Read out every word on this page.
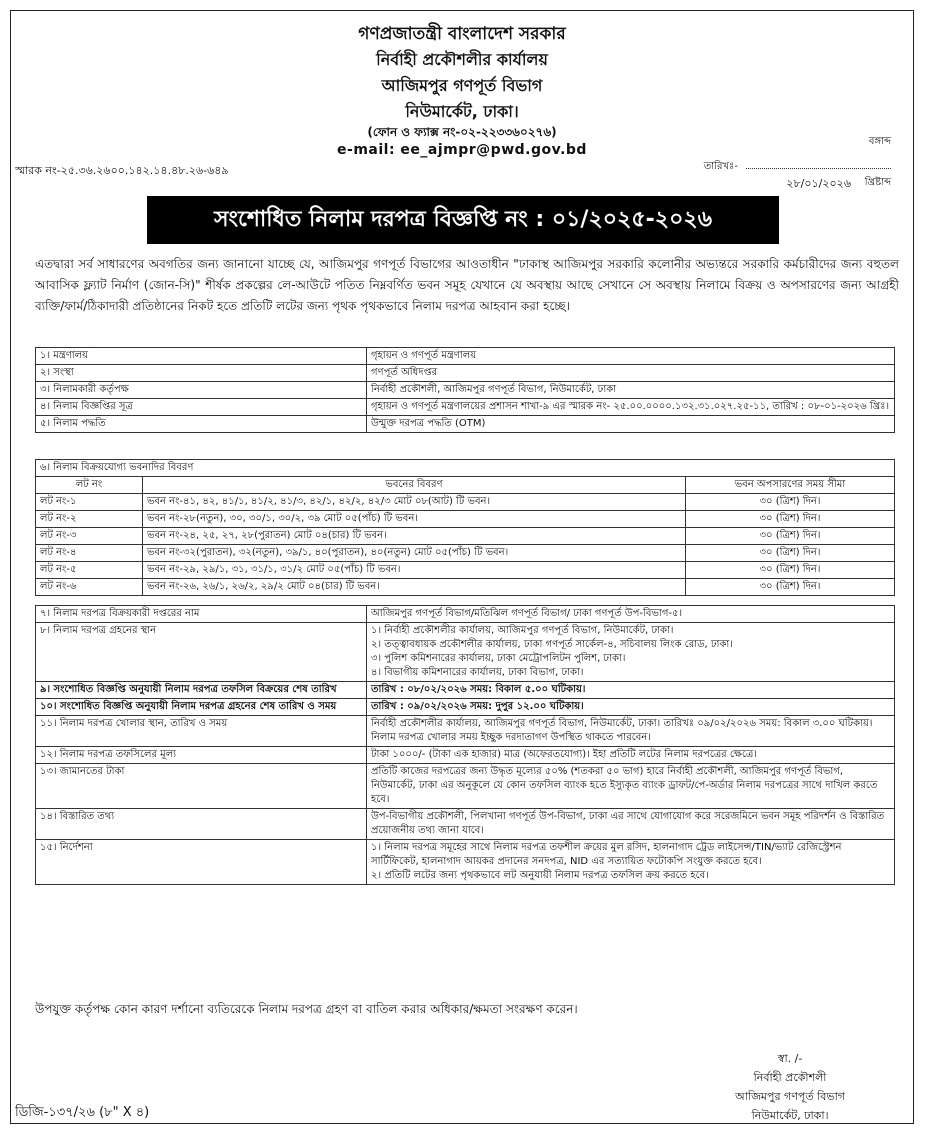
গণপ্রজাতন্ত্রী বাংলাদেশ সরকার
নির্বাহী প্রকৌশলীর কার্যালয়
আজিমপুর গণপূর্ত বিভাগ
নিউমার্কেট, ঢাকা।
(ফোন ও ফ্যাক্স নং-০২-২২৩৩৬০২৭৬)
e-mail: ee_ajmpr@pwd.gov.bd
স্মারক নং-২৫.৩৬.২৬০০.১৪২.১৪.৪৮.২৬-৬৪৯
বঙ্গাব্দ
তারিখঃ-
২৮/০১/২০২৬ খ্রিষ্টাব্দ
সংশোধিত নিলাম দরপত্র বিজ্ঞপ্তি নং : ০১/২০২৫-২০২৬
এতদ্বারা সর্ব সাধারণের অবগতির জন্য জানানো যাচ্ছে যে, আজিমপুর গণপূর্ত বিভাগের আওতাধীন "ঢাকাস্থ আজিমপুর সরকারি কলোনীর অভ্যন্তরে সরকারি কর্মচারীদের জন্য বহুতল আবাসিক ফ্ল্যাট নির্মাণ (জোন-সি)" শীর্ষক প্রকল্পের লে-আউটে পতিত নিম্নবর্ণিত ভবন সমূহ যেখানে যে অবস্থায় আছে সেখানে সে অবস্থায় নিলামে বিক্রয় ও অপসারণের জন্য আগ্রহী ব্যক্তি/ফার্ম/ঠিকাদারী প্রতিষ্ঠানের নিকট হতে প্রতিটি লটের জন্য পৃথক পৃথকভাবে নিলাম দরপত্র আহবান করা হচ্ছে।
১। মন্ত্রণালয়	গৃহায়ন ও গণপূর্ত মন্ত্রণালয়
২। সংস্থা	গণপূর্ত অধিদপ্তর
৩। নিলামকারী কর্তৃপক্ষ	নির্বাহী প্রকৌশলী, আজিমপুর গণপূর্ত বিভাগ, নিউমার্কেট, ঢাকা
৪। নিলাম বিজ্ঞপ্তির সূত্র	গৃহায়ন ও গণপূর্ত মন্ত্রণালয়ের প্রশাসন শাখা-৯ এর স্মারক নং- ২৫.০০.০০০০.১৩২.৩১.০২৭.২৫-১১, তারিখ : ০৮-০১-২০২৬ খ্রিঃ।
৫। নিলাম পদ্ধতি	উন্মুক্ত দরপত্র পদ্ধতি (OTM)
৬। নিলাম বিক্রয়যোগ্য ভবনাদির বিবরণ		
লট নং	ভবনের বিবরণ	ভবন অপসারণের সময় সীমা
লট নং-১	ভবন নং-৪১, ৪২, ৪১/১, ৪১/২, ৪১/৩, ৪২/১, ৪২/২, ৪২/৩ মোট ০৮(আট) টি ভবন।	৩০ (ত্রিশ) দিন।
লট নং-২	ভবন নং-২৮(নতুন), ৩০, ৩০/১, ৩০/২, ৩৯ মোট ০৫(পাঁচ) টি ভবন।	৩০ (ত্রিশ) দিন।
লট নং-৩	ভবন নং-২৪, ২৫, ২৭, ২৮(পুরাতন) মোট ০৪(চার) টি ভবন।	৩০ (ত্রিশ) দিন।
লট নং-৪	ভবন নং-৩২(পুরাতন), ৩২(নতুন), ৩৯/১, ৪০(পুরাতন), ৪০(নতুন) মোট ০৫(পাঁচ) টি ভবন।	৩০ (ত্রিশ) দিন।
লট নং-৫	ভবন নং-২৯, ২৯/১, ৩১, ৩১/১, ৩১/২ মোট ০৫(পাঁচ) টি ভবন।	৩০ (ত্রিশ) দিন।
লট নং-৬	ভবন নং-২৬, ২৬/১, ২৬/২, ২৯/২ মোট ০৪(চার) টি ভবন।	৩০ (ত্রিশ) দিন।
৭। নিলাম দরপত্র বিক্রয়কারী দপ্তরের নাম	আজিমপুর গণপূর্ত বিভাগ/মতিঝিল গণপূর্ত বিভাগ/ ঢাকা গণপূর্ত উপ-বিভাগ-৫।
৮। নিলাম দরপত্র গ্রহনের স্থান	১। নির্বাহী প্রকৌশলীর কার্যালয়, আজিমপুর গণপূর্ত বিভাগ, নিউমার্কেট, ঢাকা।
২। তত্ত্বাবধায়ক প্রকৌশলীর কার্যালয়, ঢাকা গণপূর্ত সার্কেল-৪, সচিবালয় লিংক রোড, ঢাকা।
৩। পুলিশ কমিশনারের কার্যালয়, ঢাকা মেট্রোপলিটন পুলিশ, ঢাকা।
৪। বিভাগীয় কমিশনারের কার্যালয়, ঢাকা বিভাগ, ঢাকা।
৯। সংশোধিত বিজ্ঞপ্তি অনুযায়ী নিলাম দরপত্র তফসিল বিক্রয়ের শেষ তারিখ	তারিখ : ০৮/০২/২০২৬ সময়: বিকাল ৫.০০ ঘটিকায়।
১০। সংশোধিত বিজ্ঞপ্তি অনুযায়ী নিলাম দরপত্র গ্রহনের শেষ তারিখ ও সময়	তারিখ : ০৯/০২/২০২৬ সময়: দুপুর ১২.০০ ঘটিকায়।
১১। নিলাম দরপত্র খোলার স্থান, তারিখ ও সময়	নির্বাহী প্রকৌশলীর কার্যালয়, আজিমপুর গণপূর্ত বিভাগ, নিউমার্কেট, ঢাকা। তারিখঃ ০৯/০২/২০২৬ সময়: বিকাল ৩.০০ ঘটিকায়। নিলাম দরপত্র খোলার সময় ইচ্ছুক দরদাতাগণ উপস্থিত থাকতে পারবেন।
১২। নিলাম দরপত্র তফসিলের মূল্য	টাকা ১০০০/- (টাকা এক হাজার) মাত্র (অফেরতযোগ্য)। ইহা প্রতিটি লটের নিলাম দরপত্রের ক্ষেত্রে।
১৩। জামানতের টাকা	প্রতিটি কাজের দরপত্রের জন্য উদ্ধৃত মূল্যের ৫০% (শতকরা ৫০ ভাগ) হারে নির্বাহী প্রকৌশলী, আজিমপুর গণপূর্ত বিভাগ, নিউমার্কেট, ঢাকা এর অনুকূলে যে কোন তফসিল ব্যাংক হতে ইস্যুকৃত ব্যাংক ড্রাফট/পে-অর্ডার নিলাম দরপত্রের সাথে দাখিল করতে হবে।
১৪। বিস্তারিত তথ্য	উপ-বিভাগীয় প্রকৌশলী, পিলখানা গণপূর্ত উপ-বিভাগ, ঢাকা এর সাথে যোগাযোগ করে সরেজমিনে ভবন সমূহ পরিদর্শন ও বিস্তারিত প্রয়োজনীয় তথ্য জানা যাবে।
১৫। নির্দেশনা	১। নিলাম দরপত্র সমূহের সাথে নিলাম দরপত্র তফশীল ক্রয়ের মুল রসিদ, হালনাগাদ ট্রেড লাইসেন্স/TIN/ভ্যাট রেজিস্ট্রেশন সার্টিফিকেট, হালনাগাদ আয়কর প্রদানের সনদপত্র, NID এর সত্যায়িত ফটোকপি সংযুক্ত করতে হবে।
২। প্রতিটি লটের জন্য পৃথকভাবে লট অনুযায়ী নিলাম দরপত্র তফসিল ক্রয় করতে হবে।
উপযুক্ত কর্তৃপক্ষ কোন কারণ দর্শানো ব্যতিরেকে নিলাম দরপত্র গ্রহণ বা বাতিল করার অধিকার/ক্ষমতা সংরক্ষণ করেন।
স্বা. /-
নির্বাহী প্রকৌশলী
আজিমপুর গণপূর্ত বিভাগ
নিউমার্কেট, ঢাকা।
ডিজি-১৩৭/২৬ (৮" X ৪)
